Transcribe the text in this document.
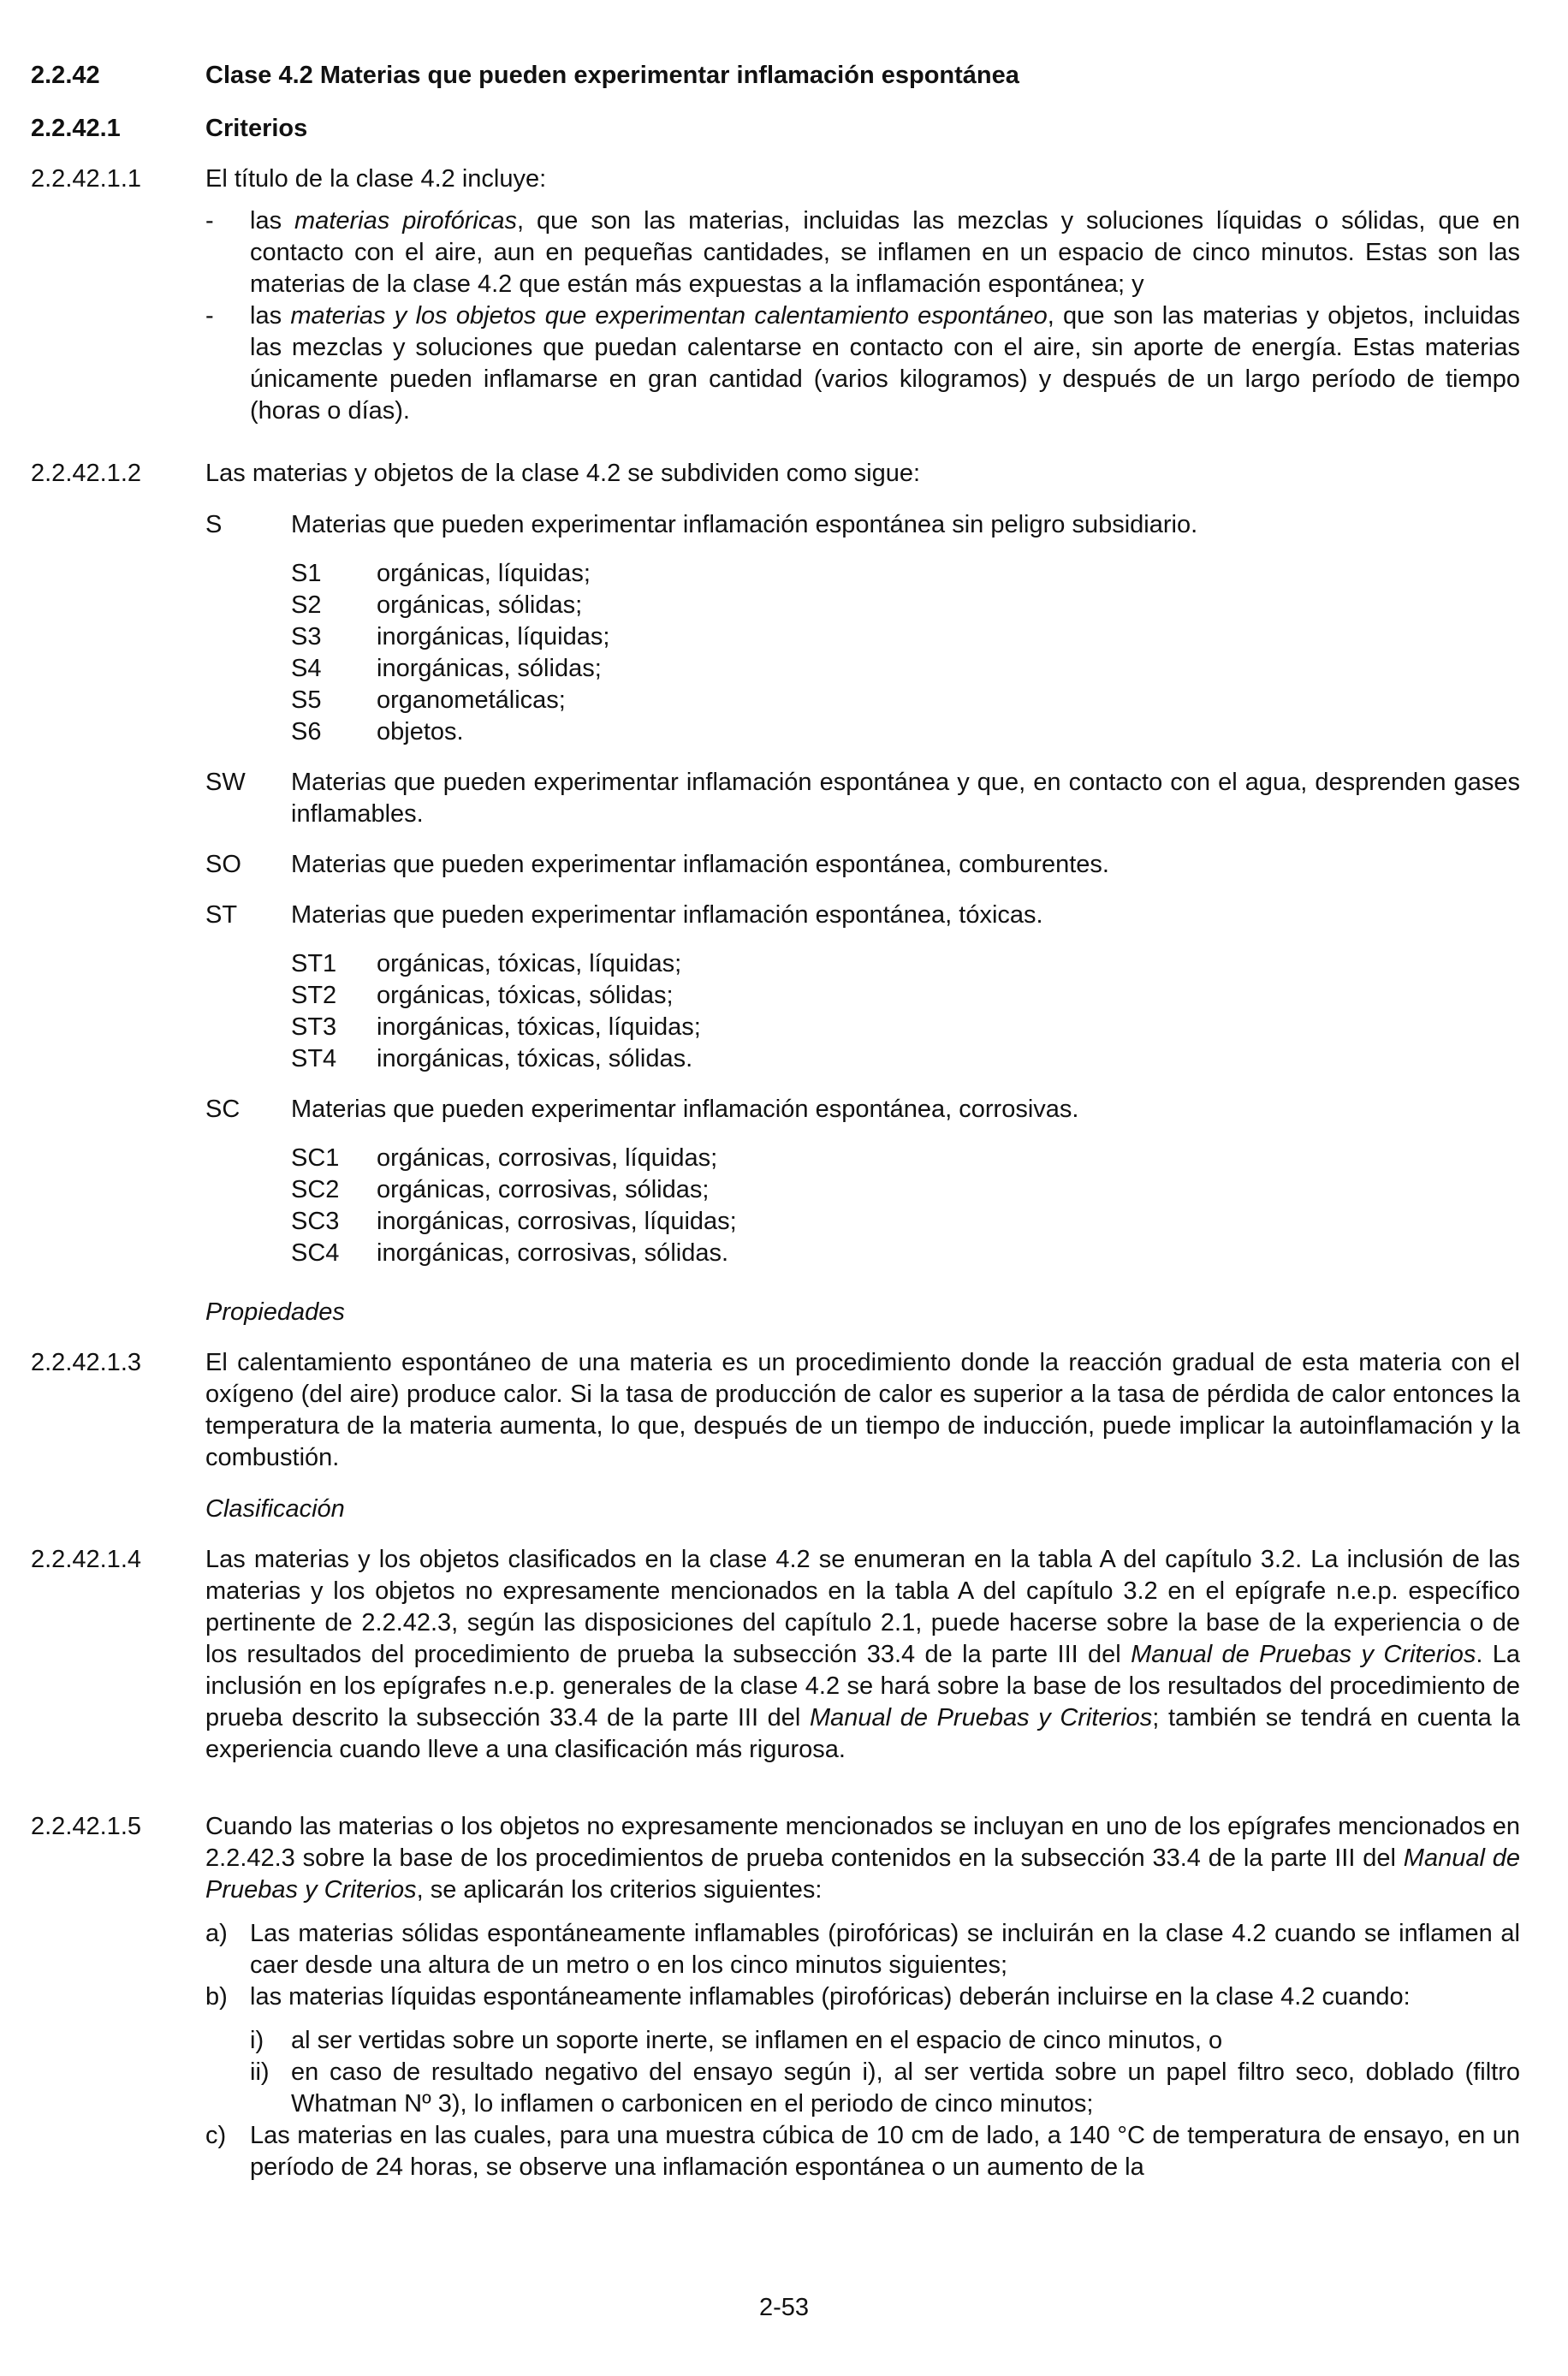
2.2.42	Clase 4.2 Materias que pueden experimentar inflamación espontánea
2.2.42.1	Criterios
2.2.42.1.1	El título de la clase 4.2 incluye:
- las materias pirofóricas, que son las materias, incluidas las mezclas y soluciones líquidas o sólidas, que en contacto con el aire, aun en pequeñas cantidades, se inflamen en un espacio de cinco minutos. Estas son las materias de la clase 4.2 que están más expuestas a la inflamación espontánea; y
- las materias y los objetos que experimentan calentamiento espontáneo, que son las materias y objetos, incluidas las mezclas y soluciones que puedan calentarse en contacto con el aire, sin aporte de energía. Estas materias únicamente pueden inflamarse en gran cantidad (varios kilogramos) y después de un largo período de tiempo (horas o días).
2.2.42.1.2	Las materias y objetos de la clase 4.2 se subdividen como sigue:
S	Materias que pueden experimentar inflamación espontánea sin peligro subsidiario.
S1 orgánicas, líquidas;
S2 orgánicas, sólidas;
S3 inorgánicas, líquidas;
S4 inorgánicas, sólidas;
S5 organometálicas;
S6 objetos.
SW Materias que pueden experimentar inflamación espontánea y que, en contacto con el agua, desprenden gases inflamables.
SO Materias que pueden experimentar inflamación espontánea, comburentes.
ST Materias que pueden experimentar inflamación espontánea, tóxicas.
ST1 orgánicas, tóxicas, líquidas;
ST2 orgánicas, tóxicas, sólidas;
ST3 inorgánicas, tóxicas, líquidas;
ST4 inorgánicas, tóxicas, sólidas.
SC Materias que pueden experimentar inflamación espontánea, corrosivas.
SC1 orgánicas, corrosivas, líquidas;
SC2 orgánicas, corrosivas, sólidas;
SC3 inorgánicas, corrosivas, líquidas;
SC4 inorgánicas, corrosivas, sólidas.
Propiedades
2.2.42.1.3	El calentamiento espontáneo de una materia es un procedimiento donde la reacción gradual de esta materia con el oxígeno (del aire) produce calor. Si la tasa de producción de calor es superior a la tasa de pérdida de calor entonces la temperatura de la materia aumenta, lo que, después de un tiempo de inducción, puede implicar la autoinflamación y la combustión.
Clasificación
2.2.42.1.4	Las materias y los objetos clasificados en la clase 4.2 se enumeran en la tabla A del capítulo 3.2. La inclusión de las materias y los objetos no expresamente mencionados en la tabla A del capítulo 3.2 en el epígrafe n.e.p. específico pertinente de 2.2.42.3, según las disposiciones del capítulo 2.1, puede hacerse sobre la base de la experiencia o de los resultados del procedimiento de prueba la subsección 33.4 de la parte III del Manual de Pruebas y Criterios. La inclusión en los epígrafes n.e.p. generales de la clase 4.2 se hará sobre la base de los resultados del procedimiento de prueba descrito la subsección 33.4 de la parte III del Manual de Pruebas y Criterios; también se tendrá en cuenta la experiencia cuando lleve a una clasificación más rigurosa.
2.2.42.1.5	Cuando las materias o los objetos no expresamente mencionados se incluyan en uno de los epígrafes mencionados en 2.2.42.3 sobre la base de los procedimientos de prueba contenidos en la subsección 33.4 de la parte III del Manual de Pruebas y Criterios, se aplicarán los criterios siguientes:
a) Las materias sólidas espontáneamente inflamables (pirofóricas) se incluirán en la clase 4.2 cuando se inflamen al caer desde una altura de un metro o en los cinco minutos siguientes;
b) las materias líquidas espontáneamente inflamables (pirofóricas) deberán incluirse en la clase 4.2 cuando:
i) al ser vertidas sobre un soporte inerte, se inflamen en el espacio de cinco minutos, o
ii) en caso de resultado negativo del ensayo según i), al ser vertida sobre un papel filtro seco, doblado (filtro Whatman Nº 3), lo inflamen o carbonicen en el periodo de cinco minutos;
c) Las materias en las cuales, para una muestra cúbica de 10 cm de lado, a 140 °C de temperatura de ensayo, en un período de 24 horas, se observe una inflamación espontánea o un aumento de la
2-53
